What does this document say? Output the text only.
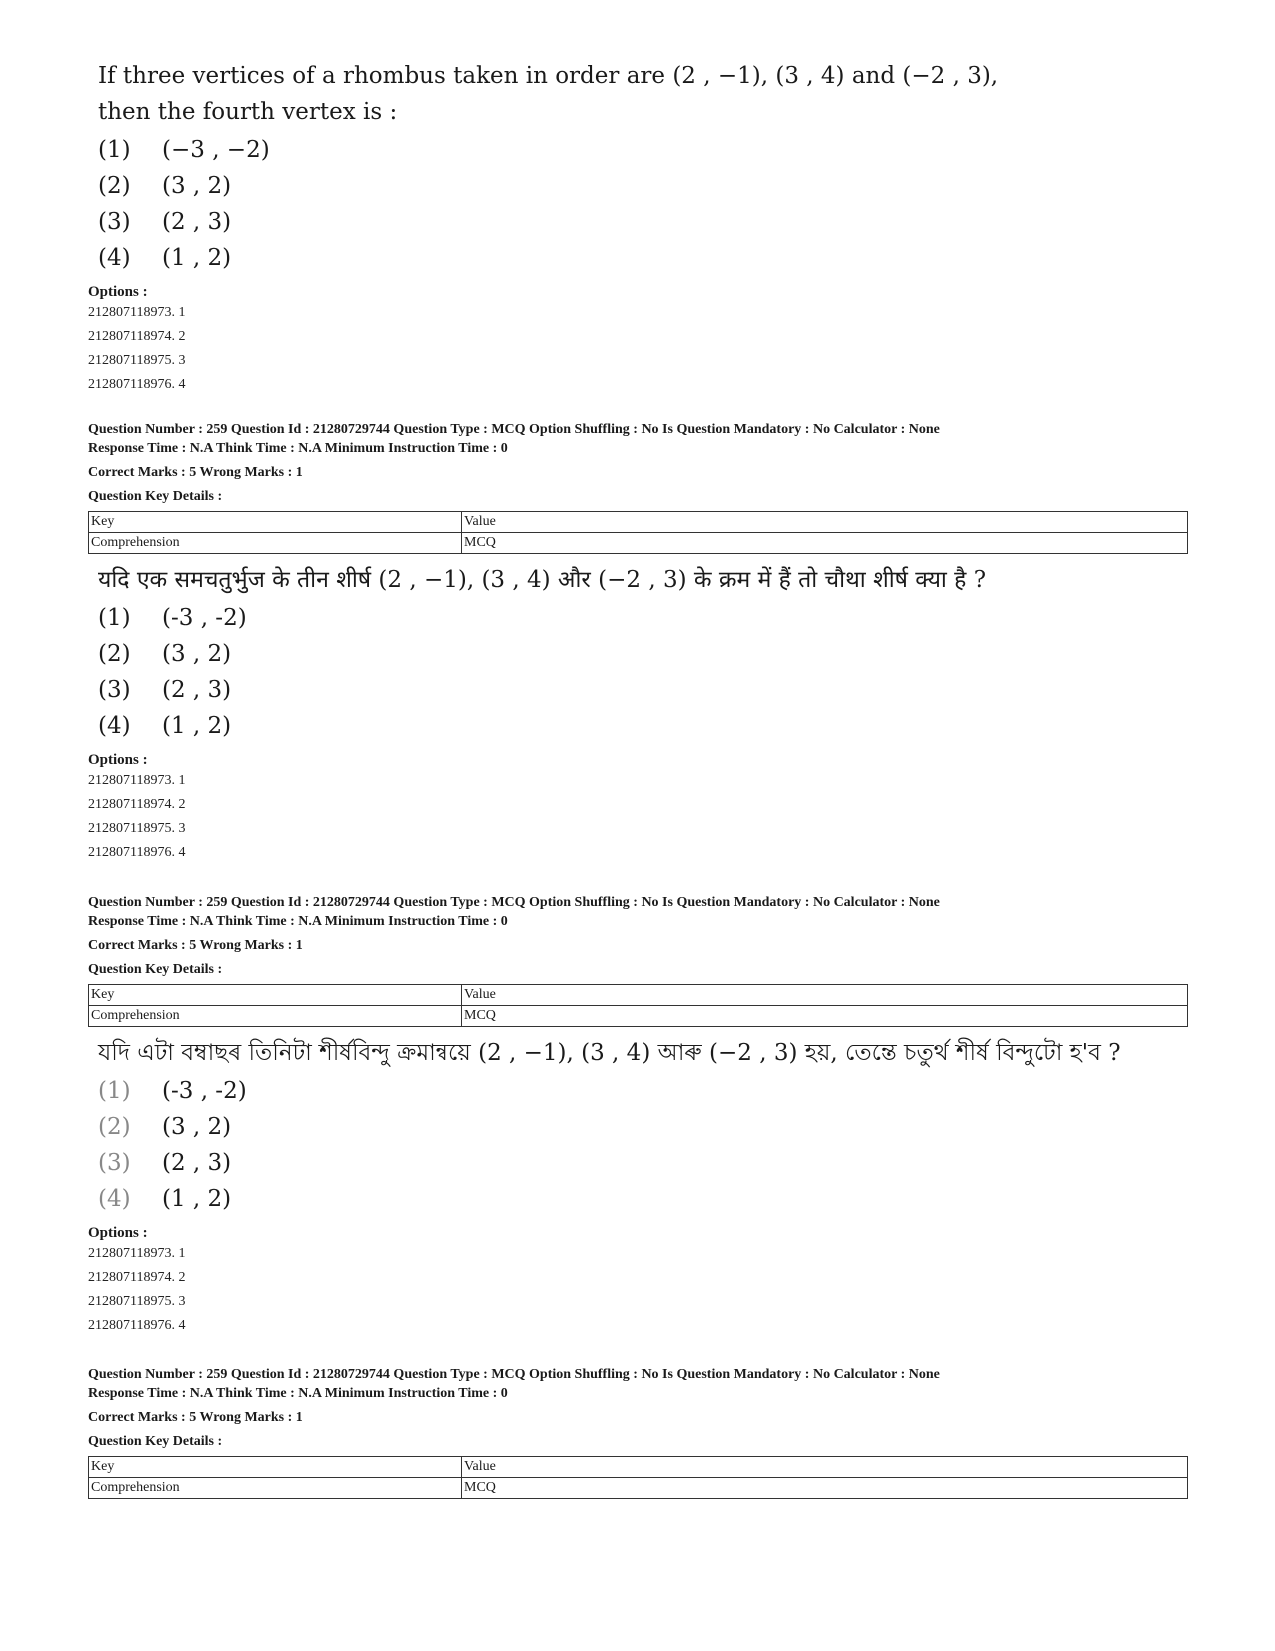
If three vertices of a rhombus taken in order are (2 , −1), (3 , 4) and (−2 , 3),
then the fourth vertex is :

(1) (−3 , −2)
(2) (3 , 2)
(3) (2 , 3)
(4) (1 , 2)
Options :
212807118973. 1
212807118974. 2
212807118975. 3
212807118976. 4
Question Number : 259 Question Id : 21280729744 Question Type : MCQ Option Shuffling : No Is Question Mandatory : No Calculator : None
Response Time : N.A Think Time : N.A Minimum Instruction Time : 0
Correct Marks : 5 Wrong Marks : 1
Question Key Details :
Key	Value
Comprehension	MCQ

यदि एक समचतुर्भुज के तीन शीर्ष (2 , −1), (3 , 4) और (−2 , 3) के क्रम में हैं तो चौथा शीर्ष क्या है ?

(1) (-3 , -2)
(2) (3 , 2)
(3) (2 , 3)
(4) (1 , 2)
Options :
212807118973. 1
212807118974. 2
212807118975. 3
212807118976. 4
Question Number : 259 Question Id : 21280729744 Question Type : MCQ Option Shuffling : No Is Question Mandatory : No Calculator : None
Response Time : N.A Think Time : N.A Minimum Instruction Time : 0
Correct Marks : 5 Wrong Marks : 1
Question Key Details :
Key	Value
Comprehension	MCQ

যদি এটা বম্বাছৰ তিনিটা শীৰ্ষবিন্দু ক্ৰমান্বয়ে (2 , −1), (3 , 4) আৰু (−2 , 3) হয়, তেন্তে চতুৰ্থ শীৰ্ষ বিন্দুটো হ'ব ?

(1) (-3 , -2)
(2) (3 , 2)
(3) (2 , 3)
(4) (1 , 2)
Options :
212807118973. 1
212807118974. 2
212807118975. 3
212807118976. 4
Question Number : 259 Question Id : 21280729744 Question Type : MCQ Option Shuffling : No Is Question Mandatory : No Calculator : None
Response Time : N.A Think Time : N.A Minimum Instruction Time : 0
Correct Marks : 5 Wrong Marks : 1
Question Key Details :
Key	Value
Comprehension	MCQ
